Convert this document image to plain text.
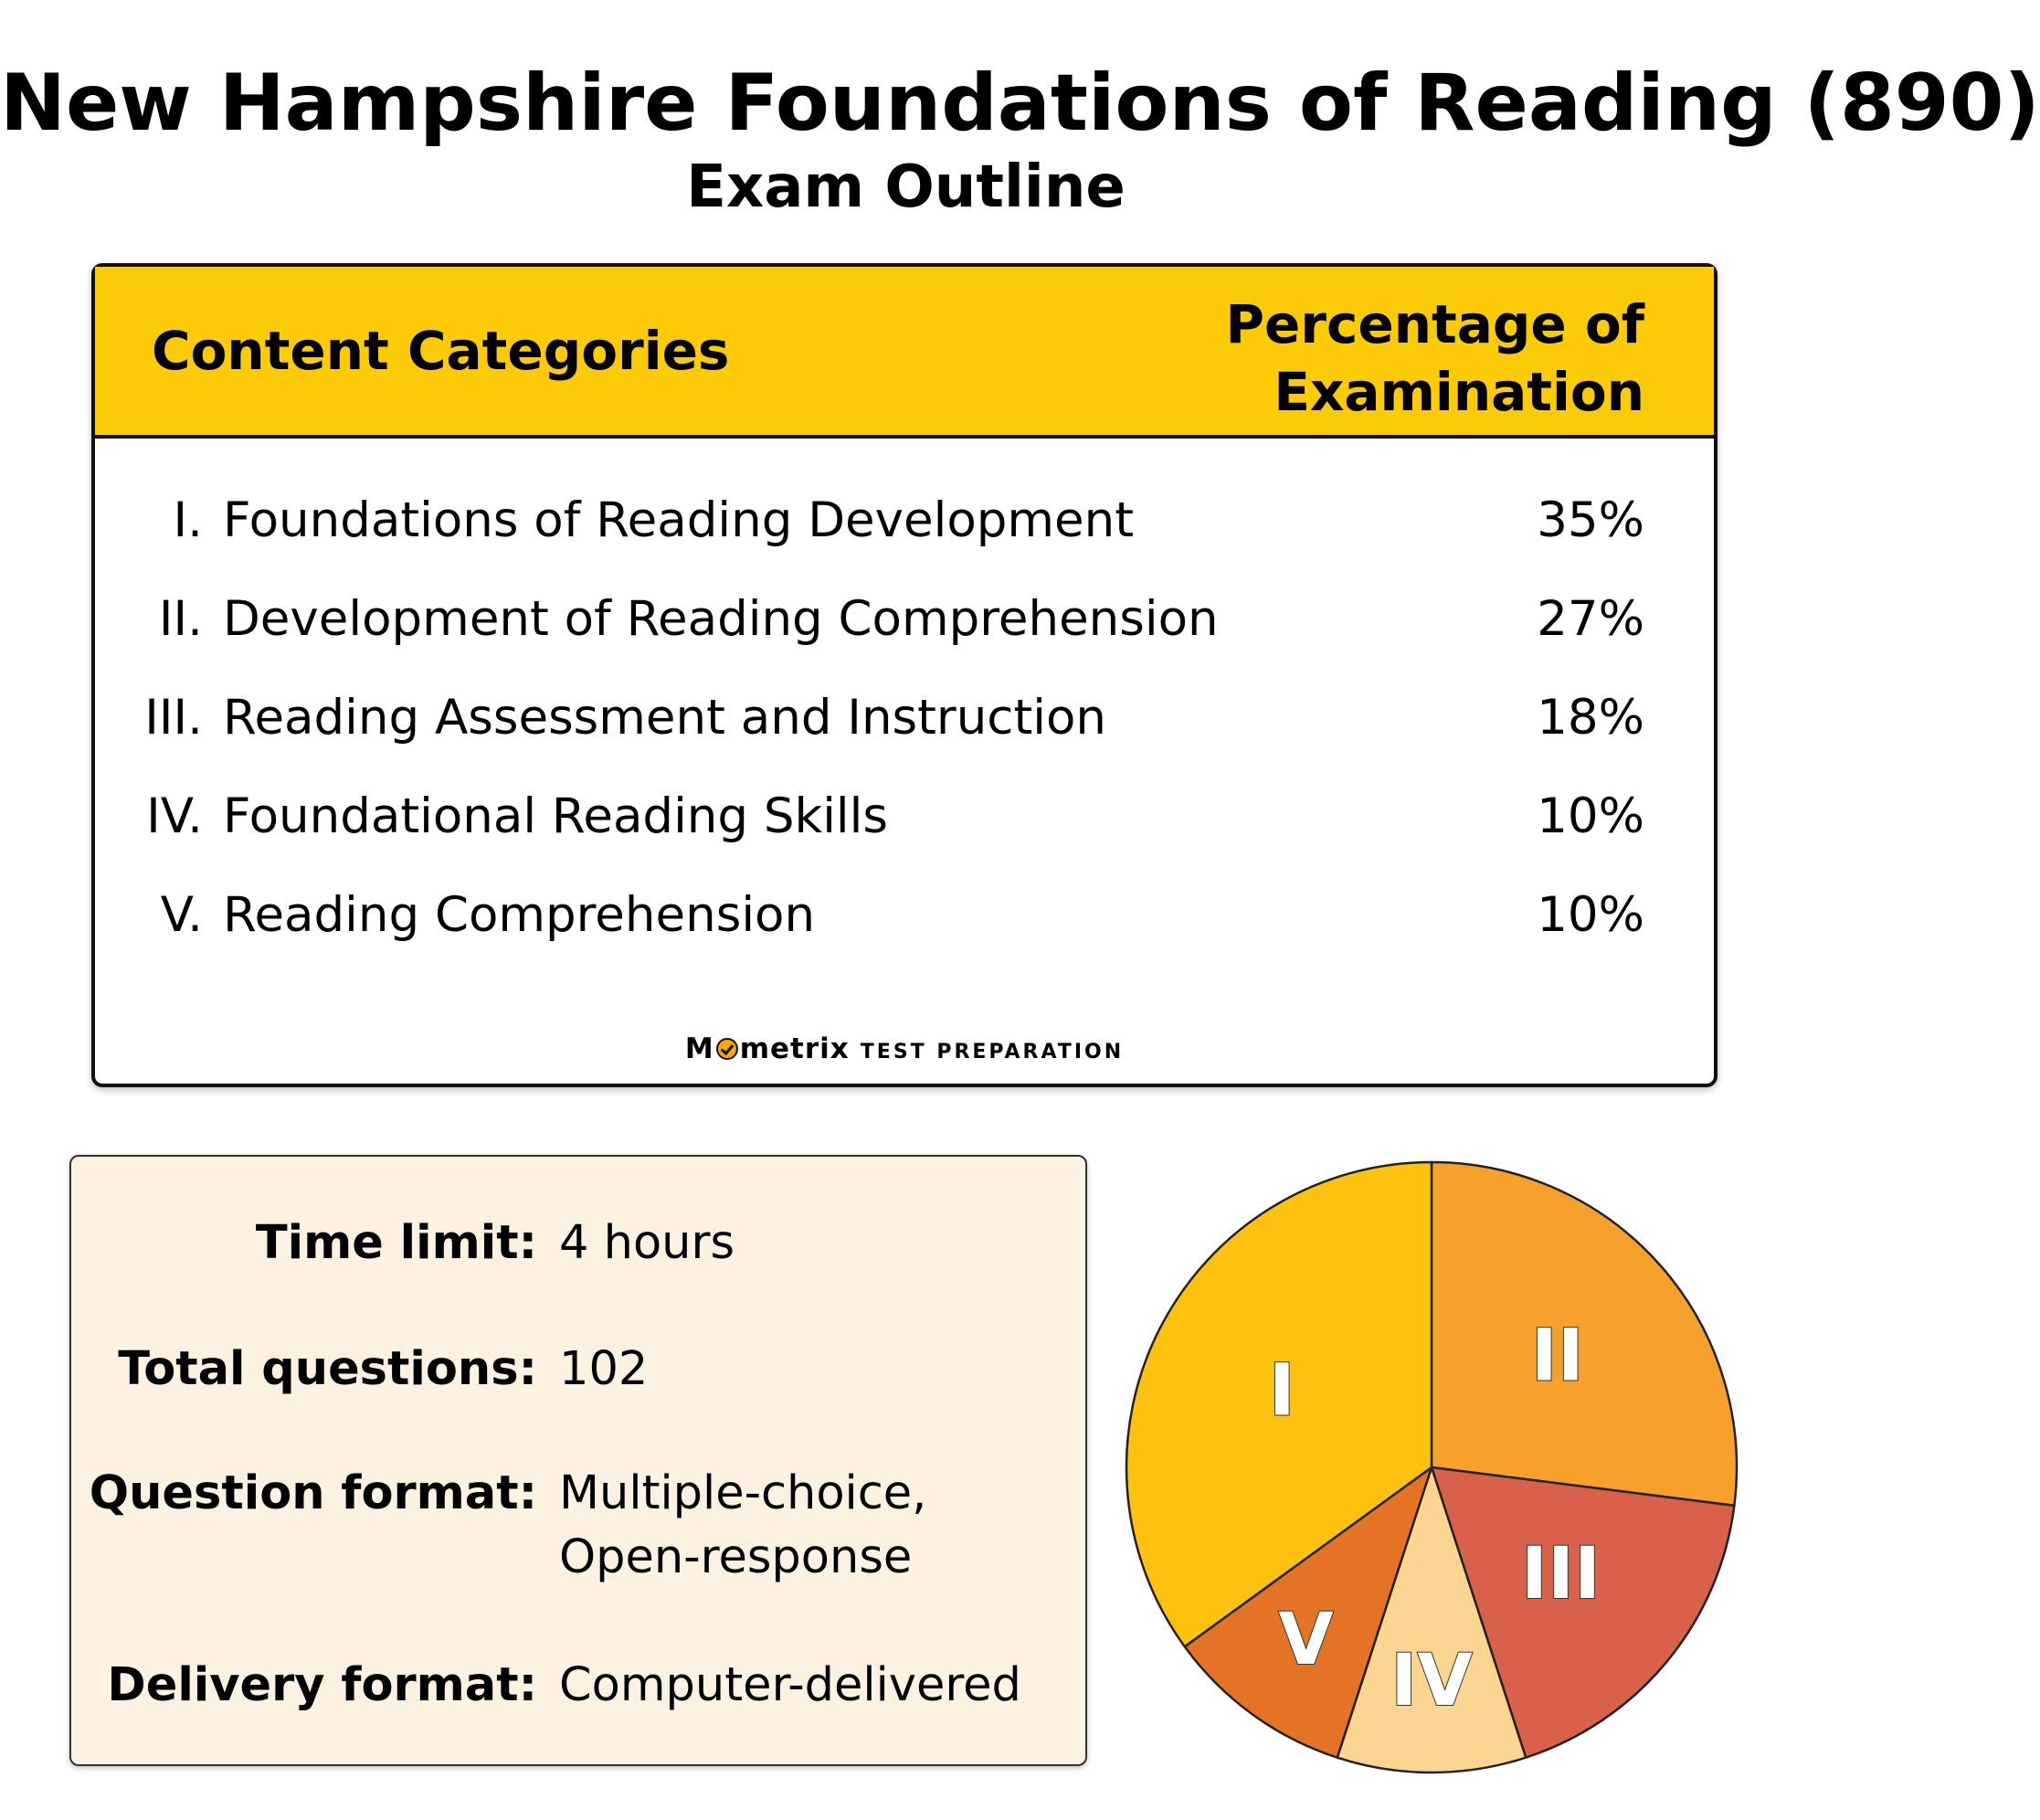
New Hampshire Foundations of Reading (890)
Exam Outline
Content Categories	Percentage of
Examination
I. Foundations of Reading Development	35%
II. Development of Reading Comprehension	27%
III. Reading Assessment and Instruction	18%
IV. Foundational Reading Skills	10%
V. Reading Comprehension	10%
M metrix TEST PREPARATION
Time limit: 4 hours
Total questions: 102
Question format: Multiple-choice,
Open-response
Delivery format: Computer-delivered
II
III
IV
V
I
